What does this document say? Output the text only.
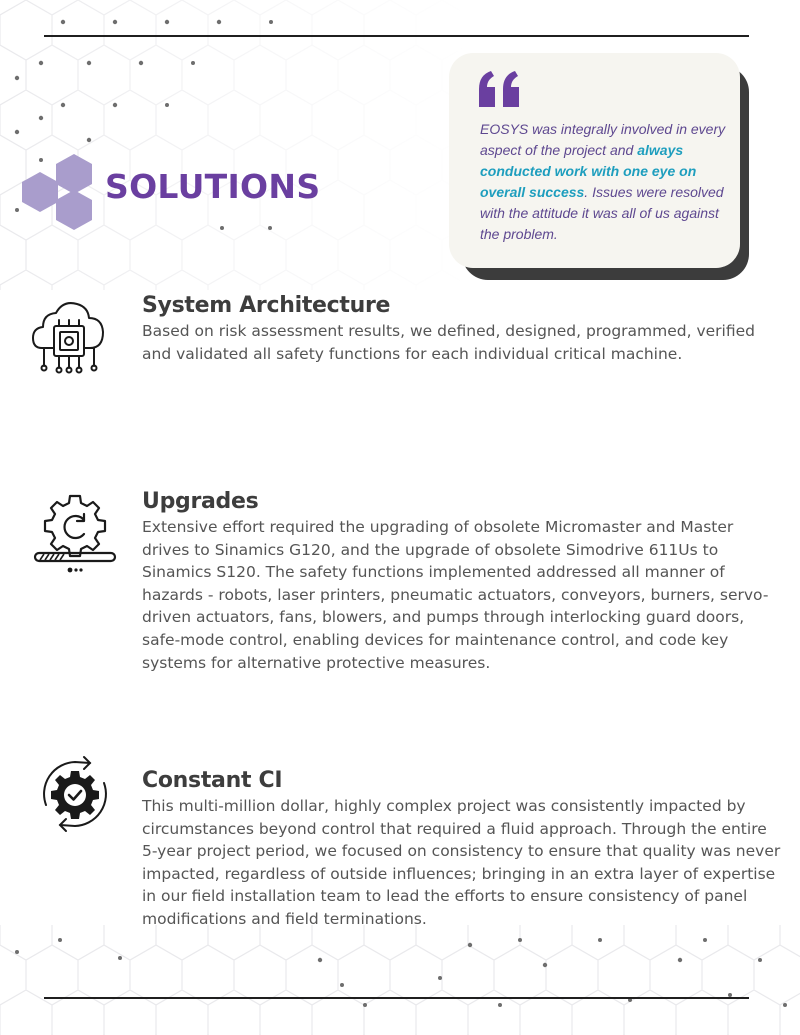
SOLUTIONS
EOSYS was integrally involved in every aspect of the project and always conducted work with one eye on overall success. Issues were resolved with the attitude it was all of us against the problem.
System Architecture

Based on risk assessment results, we defined, designed, programmed, verified and validated all safety functions for each individual critical machine.

Upgrades

Extensive effort required the upgrading of obsolete Micromaster and Master drives to Sinamics G120, and the upgrade of obsolete Simodrive 611Us to Sinamics S120. The safety functions implemented addressed all manner of hazards - robots, laser printers, pneumatic actuators, conveyors, burners, servo-driven actuators, fans, blowers, and pumps through interlocking guard doors, safe-mode control, enabling devices for maintenance control, and code key systems for alternative protective measures.

Constant CI

This multi-million dollar, highly complex project was consistently impacted by circumstances beyond control that required a fluid approach. Through the entire 5-year project period, we focused on consistency to ensure that quality was never impacted, regardless of outside influences; bringing in an extra layer of expertise in our field installation team to lead the efforts to ensure consistency of panel modifications and field terminations.
